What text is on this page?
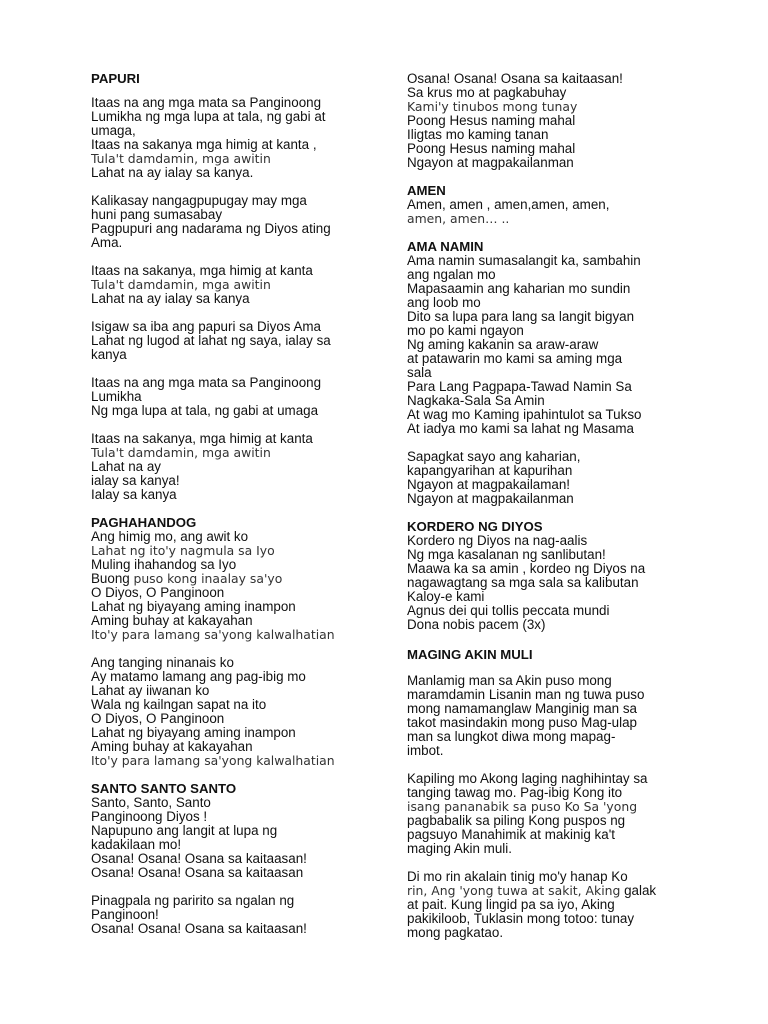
PAPURI
Itaas na ang mga mata sa Panginoong
Lumikha ng mga lupa at tala, ng gabi at
umaga,
Itaas na sakanya mga himig at kanta ,
Tula't damdamin, mga awitin
Lahat na ay ialay sa kanya.
Kalikasay nangagpupugay may mga
huni pang sumasabay
Pagpupuri ang nadarama ng Diyos ating
Ama.
Itaas na sakanya, mga himig at kanta
Tula't damdamin, mga awitin
Lahat na ay ialay sa kanya
Isigaw sa iba ang papuri sa Diyos Ama
Lahat ng lugod at lahat ng saya, ialay sa
kanya
Itaas na ang mga mata sa Panginoong
Lumikha
Ng mga lupa at tala, ng gabi at umaga
Itaas na sakanya, mga himig at kanta
Tula't damdamin, mga awitin
Lahat na ay
ialay sa kanya!
Ialay sa kanya
PAGHAHANDOG
Ang himig mo, ang awit ko
Lahat ng ito'y nagmula sa Iyo
Muling ihahandog sa Iyo
Buong puso kong inaalay sa'yo
O Diyos, O Panginoon
Lahat ng biyayang aming inampon
Aming buhay at kakayahan
Ito'y para lamang sa'yong kalwalhatian
Ang tanging ninanais ko
Ay matamo lamang ang pag-ibig mo
Lahat ay iiwanan ko
Wala ng kailngan sapat na ito
O Diyos, O Panginoon
Lahat ng biyayang aming inampon
Aming buhay at kakayahan
Ito'y para lamang sa'yong kalwalhatian
SANTO SANTO SANTO
Santo, Santo, Santo
Panginoong Diyos !
Napupuno ang langit at lupa ng
kadakilaan mo!
Osana! Osana! Osana sa kaitaasan!
Osana! Osana! Osana sa kaitaasan
Pinagpala ng paririto sa ngalan ng
Panginoon!
Osana! Osana! Osana sa kaitaasan!
Osana! Osana! Osana sa kaitaasan!
Sa krus mo at pagkabuhay
Kami'y tinubos mong tunay
Poong Hesus naming mahal
Iligtas mo kaming tanan
Poong Hesus naming mahal
Ngayon at magpakailanman
AMEN
Amen, amen , amen,amen, amen,
amen, amen… ..
AMA NAMIN
Ama namin sumasalangit ka, sambahin
ang ngalan mo
Mapasaamin ang kaharian mo sundin
ang loob mo
Dito sa lupa para lang sa langit bigyan
mo po kami ngayon
Ng aming kakanin sa araw-araw
at patawarin mo kami sa aming mga
sala
Para Lang Pagpapa-Tawad Namin Sa
Nagkaka-Sala Sa Amin
At wag mo Kaming ipahintulot sa Tukso
At iadya mo kami sa lahat ng Masama
Sapagkat sayo ang kaharian,
kapangyarihan at kapurihan
Ngayon at magpakailaman!
Ngayon at magpakailanman
KORDERO NG DIYOS
Kordero ng Diyos na nag-aalis
Ng mga kasalanan ng sanlibutan!
Maawa ka sa amin , kordeo ng Diyos na
nagawagtang sa mga sala sa kalibutan
Kaloy-e kami
Agnus dei qui tollis peccata mundi
Dona nobis pacem (3x)
MAGING AKIN MULI
Manlamig man sa Akin puso mong
maramdamin Lisanin man ng tuwa puso
mong namamanglaw Manginig man sa
takot masindakin mong puso Mag-ulap
man sa lungkot diwa mong mapag-
imbot.
Kapiling mo Akong laging naghihintay sa
tanging tawag mo. Pag-ibig Kong ito
isang pananabik sa puso Ko Sa 'yong
pagbabalik sa piling Kong puspos ng
pagsuyo Manahimik at makinig ka't
maging Akin muli.
Di mo rin akalain tinig mo'y hanap Ko
rin, Ang 'yong tuwa at sakit, Aking galak
at pait. Kung lingid pa sa iyo, Aking
pakikiloob, Tuklasin mong totoo: tunay
mong pagkatao.
